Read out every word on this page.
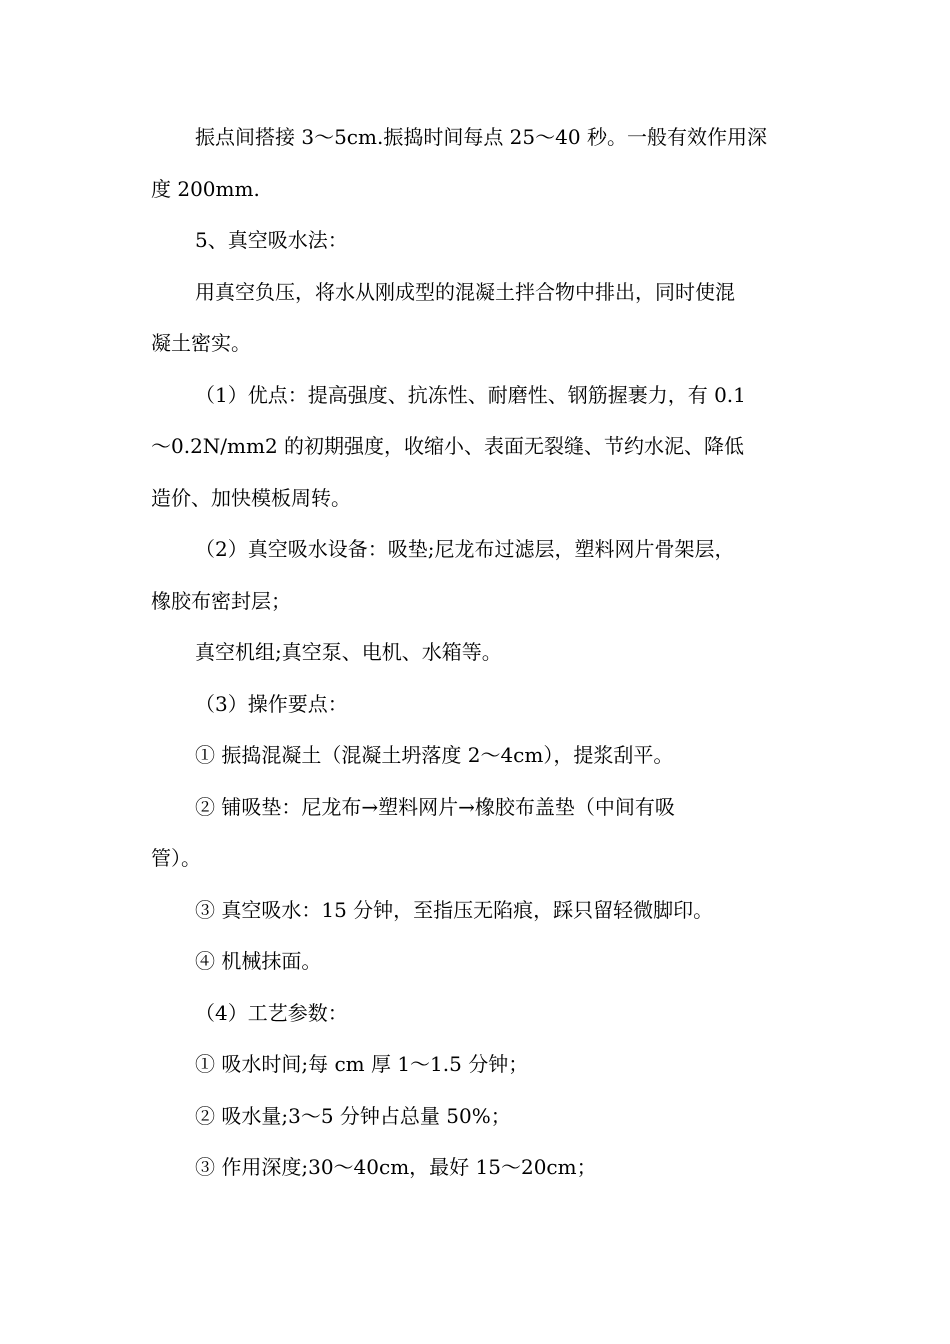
振点间搭接 3～5cm.振捣时间每点 25～40 秒。一般有效作用深
度 200mm.
5、真空吸水法：
用真空负压，将水从刚成型的混凝土拌合物中排出，同时使混
凝土密实。
（1）优点：提高强度、抗冻性、耐磨性、钢筋握裹力，有 0.1
～0.2N/mm2 的初期强度，收缩小、表面无裂缝、节约水泥、降低
造价、加快模板周转。
（2）真空吸水设备：吸垫;尼龙布过滤层，塑料网片骨架层，
橡胶布密封层；
真空机组;真空泵、电机、水箱等。
（3）操作要点：
① 振捣混凝土（混凝土坍落度 2～4cm），提浆刮平。
② 铺吸垫：尼龙布→塑料网片→橡胶布盖垫（中间有吸
管）。
③ 真空吸水：15 分钟，至指压无陷痕，踩只留轻微脚印。
④ 机械抹面。
（4）工艺参数：
① 吸水时间;每 cm 厚 1～1.5 分钟；
② 吸水量;3～5 分钟占总量 50%；
③ 作用深度;30～40cm，最好 15～20cm；
